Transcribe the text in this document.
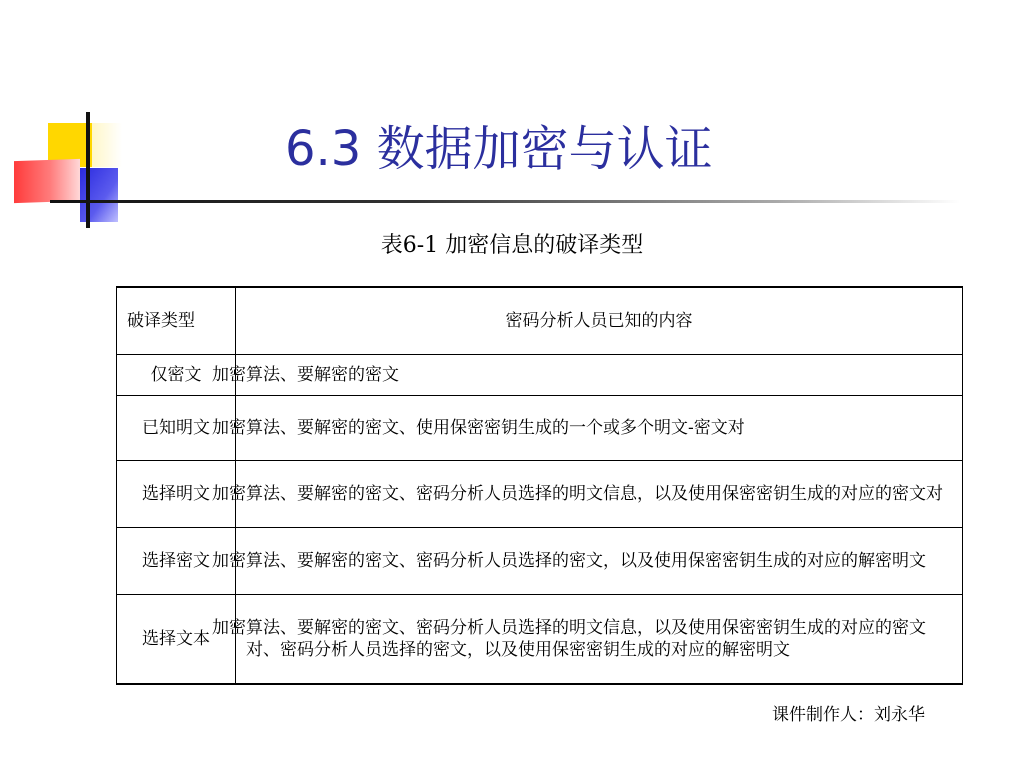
6.3 数据加密与认证
表6-1 加密信息的破译类型
破译类型	密码分析人员已知的内容
仅密文	加密算法、要解密的密文
已知明文	加密算法、要解密的密文、使用保密密钥生成的一个或多个明文-密文对
选择明文	加密算法、要解密的密文、密码分析人员选择的明文信息，以及使用保密密钥生成的对应的密文对
选择密文	加密算法、要解密的密文、密码分析人员选择的密文，以及使用保密密钥生成的对应的解密明文
选择文本	加密算法、要解密的密文、密码分析人员选择的明文信息，以及使用保密密钥生成的对应的密文对、密码分析人员选择的密文，以及使用保密密钥生成的对应的解密明文
课件制作人：刘永华
